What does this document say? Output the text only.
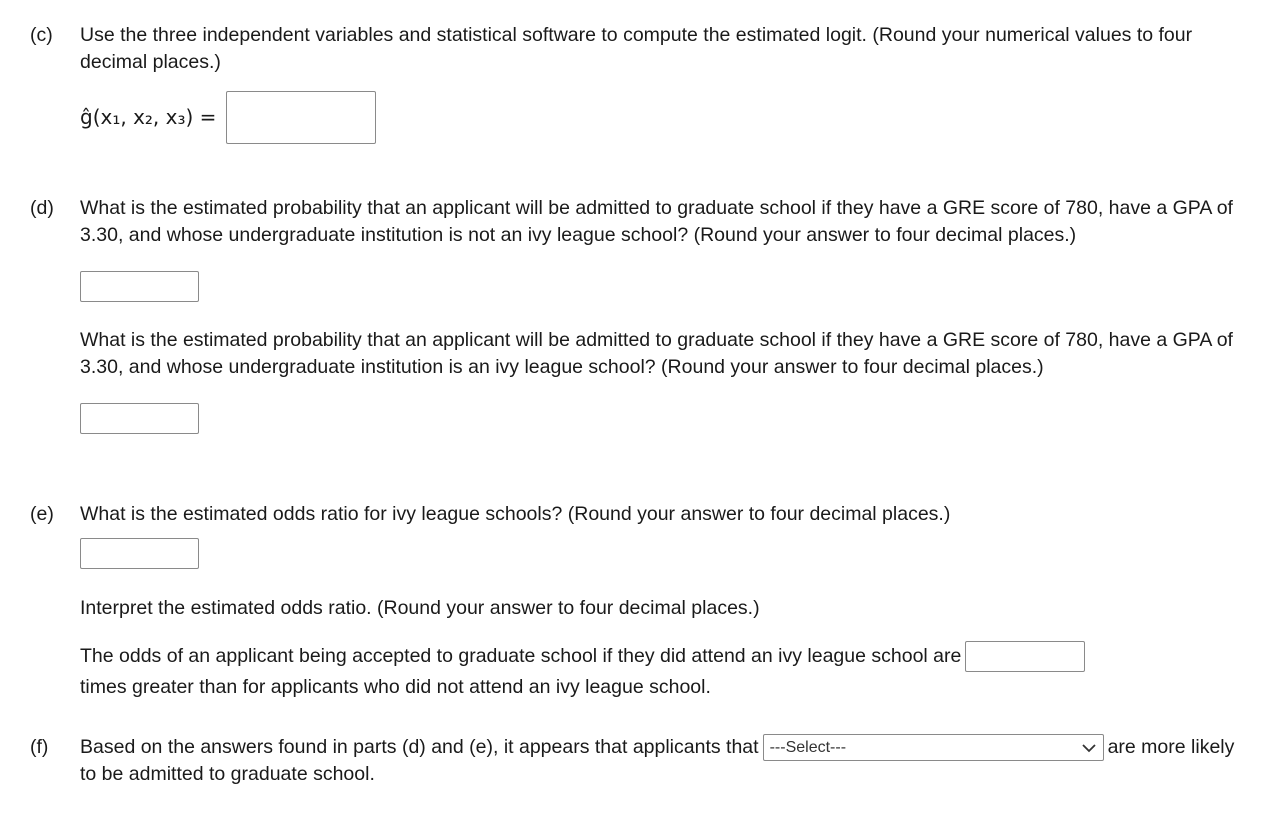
(c)	Use the three independent variables and statistical software to compute the estimated logit. (Round your numerical values to four decimal places.)
ĝ(x₁, x₂, x₃) =
(d)	What is the estimated probability that an applicant will be admitted to graduate school if they have a GRE score of 780, have a GPA of 3.30, and whose undergraduate institution is not an ivy league school? (Round your answer to four decimal places.)
What is the estimated probability that an applicant will be admitted to graduate school if they have a GRE score of 780, have a GPA of 3.30, and whose undergraduate institution is an ivy league school? (Round your answer to four decimal places.)
(e)	What is the estimated odds ratio for ivy league schools? (Round your answer to four decimal places.)
Interpret the estimated odds ratio. (Round your answer to four decimal places.)
The odds of an applicant being accepted to graduate school if they did attend an ivy league school are
times greater than for applicants who did not attend an ivy league school.
(f)	Based on the answers found in parts (d) and (e), it appears that applicants that ---Select---	are more likely to be admitted to graduate school.
